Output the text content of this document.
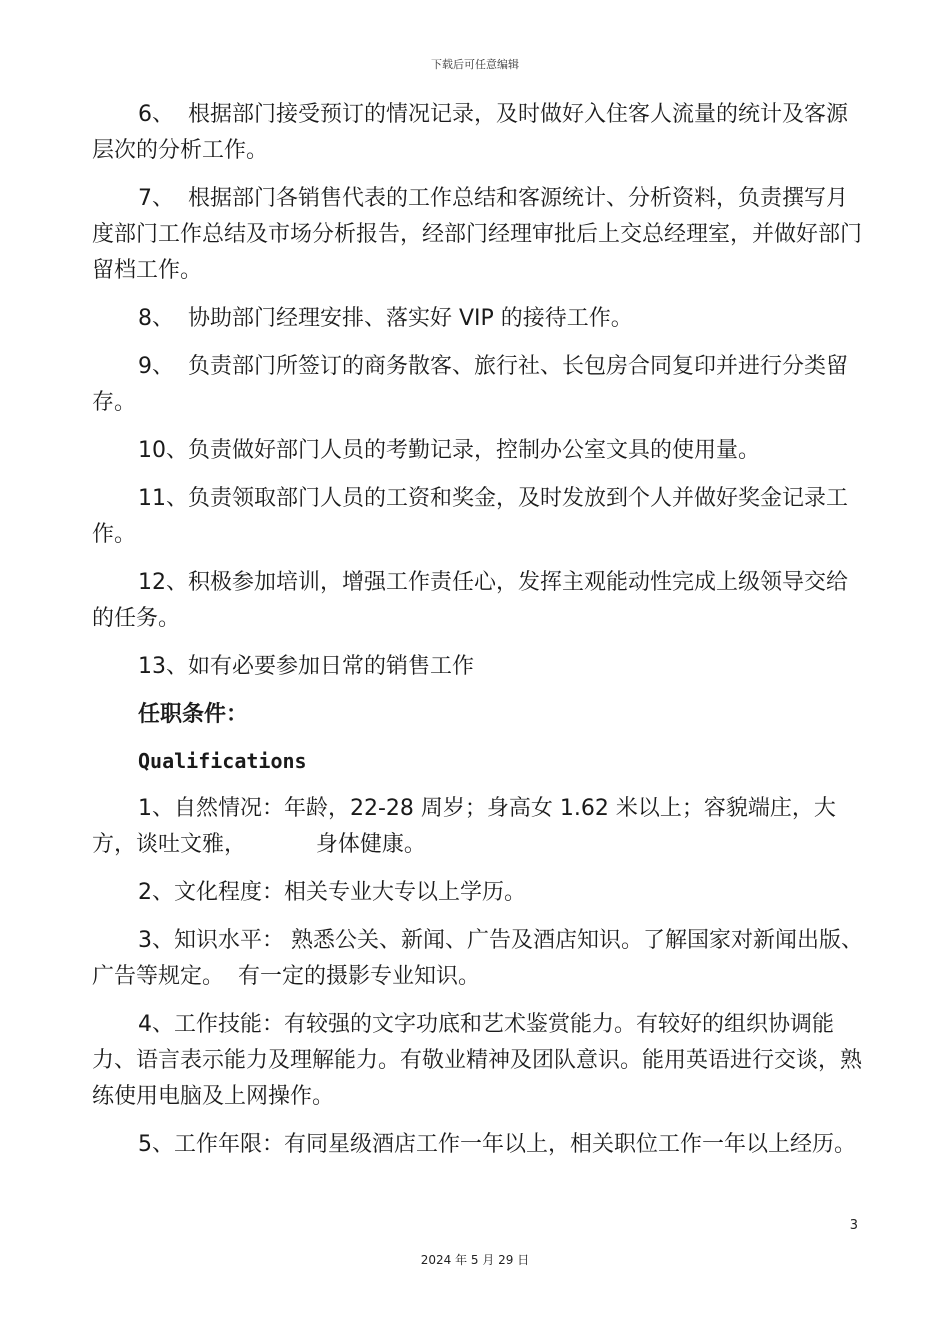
下载后可任意编辑

6、  根据部门接受预订的情况记录，及时做好入住客人流量的统计及客源层次的分析工作。

7、  根据部门各销售代表的工作总结和客源统计、分析资料，负责撰写月度部门工作总结及市场分析报告，经部门经理审批后上交总经理室，并做好部门留档工作。

8、  协助部门经理安排、落实好 VIP 的接待工作。

9、  负责部门所签订的商务散客、旅行社、长包房合同复印并进行分类留存。

10、负责做好部门人员的考勤记录，控制办公室文具的使用量。

11、负责领取部门人员的工资和奖金，及时发放到个人并做好奖金记录工作。

12、积极参加培训，增强工作责任心，发挥主观能动性完成上级领导交给的任务。

13、如有必要参加日常的销售工作

任职条件：

Qualifications

1、自然情况：年龄，22-28 周岁；身高女 1.62 米以上；容貌端庄，大方，谈吐文雅，          身体健康。

2、文化程度：相关专业大专以上学历。

3、知识水平： 熟悉公关、新闻、广告及酒店知识。了解国家对新闻出版、广告等规定。  有一定的摄影专业知识。

4、工作技能：有较强的文字功底和艺术鉴赏能力。有较好的组织协调能力、语言表示能力及理解能力。有敬业精神及团队意识。能用英语进行交谈，熟练使用电脑及上网操作。

5、工作年限：有同星级酒店工作一年以上，相关职位工作一年以上经历。

3
2024 年 5 月 29 日
